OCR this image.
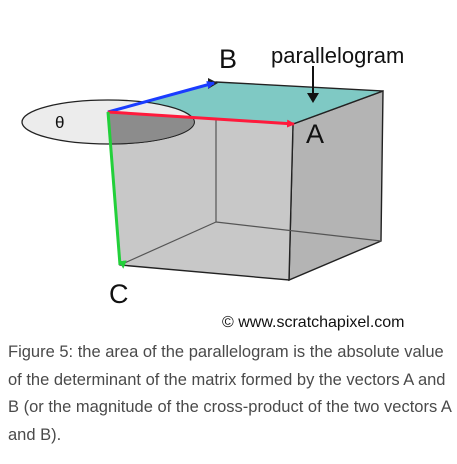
B parallelogram
A
θ
C
© www.scratchapixel.com

Figure 5: the area of the parallelogram is the absolute value of the determinant of the matrix formed by the vectors A and B (or the magnitude of the cross-product of the two vectors A and B).
